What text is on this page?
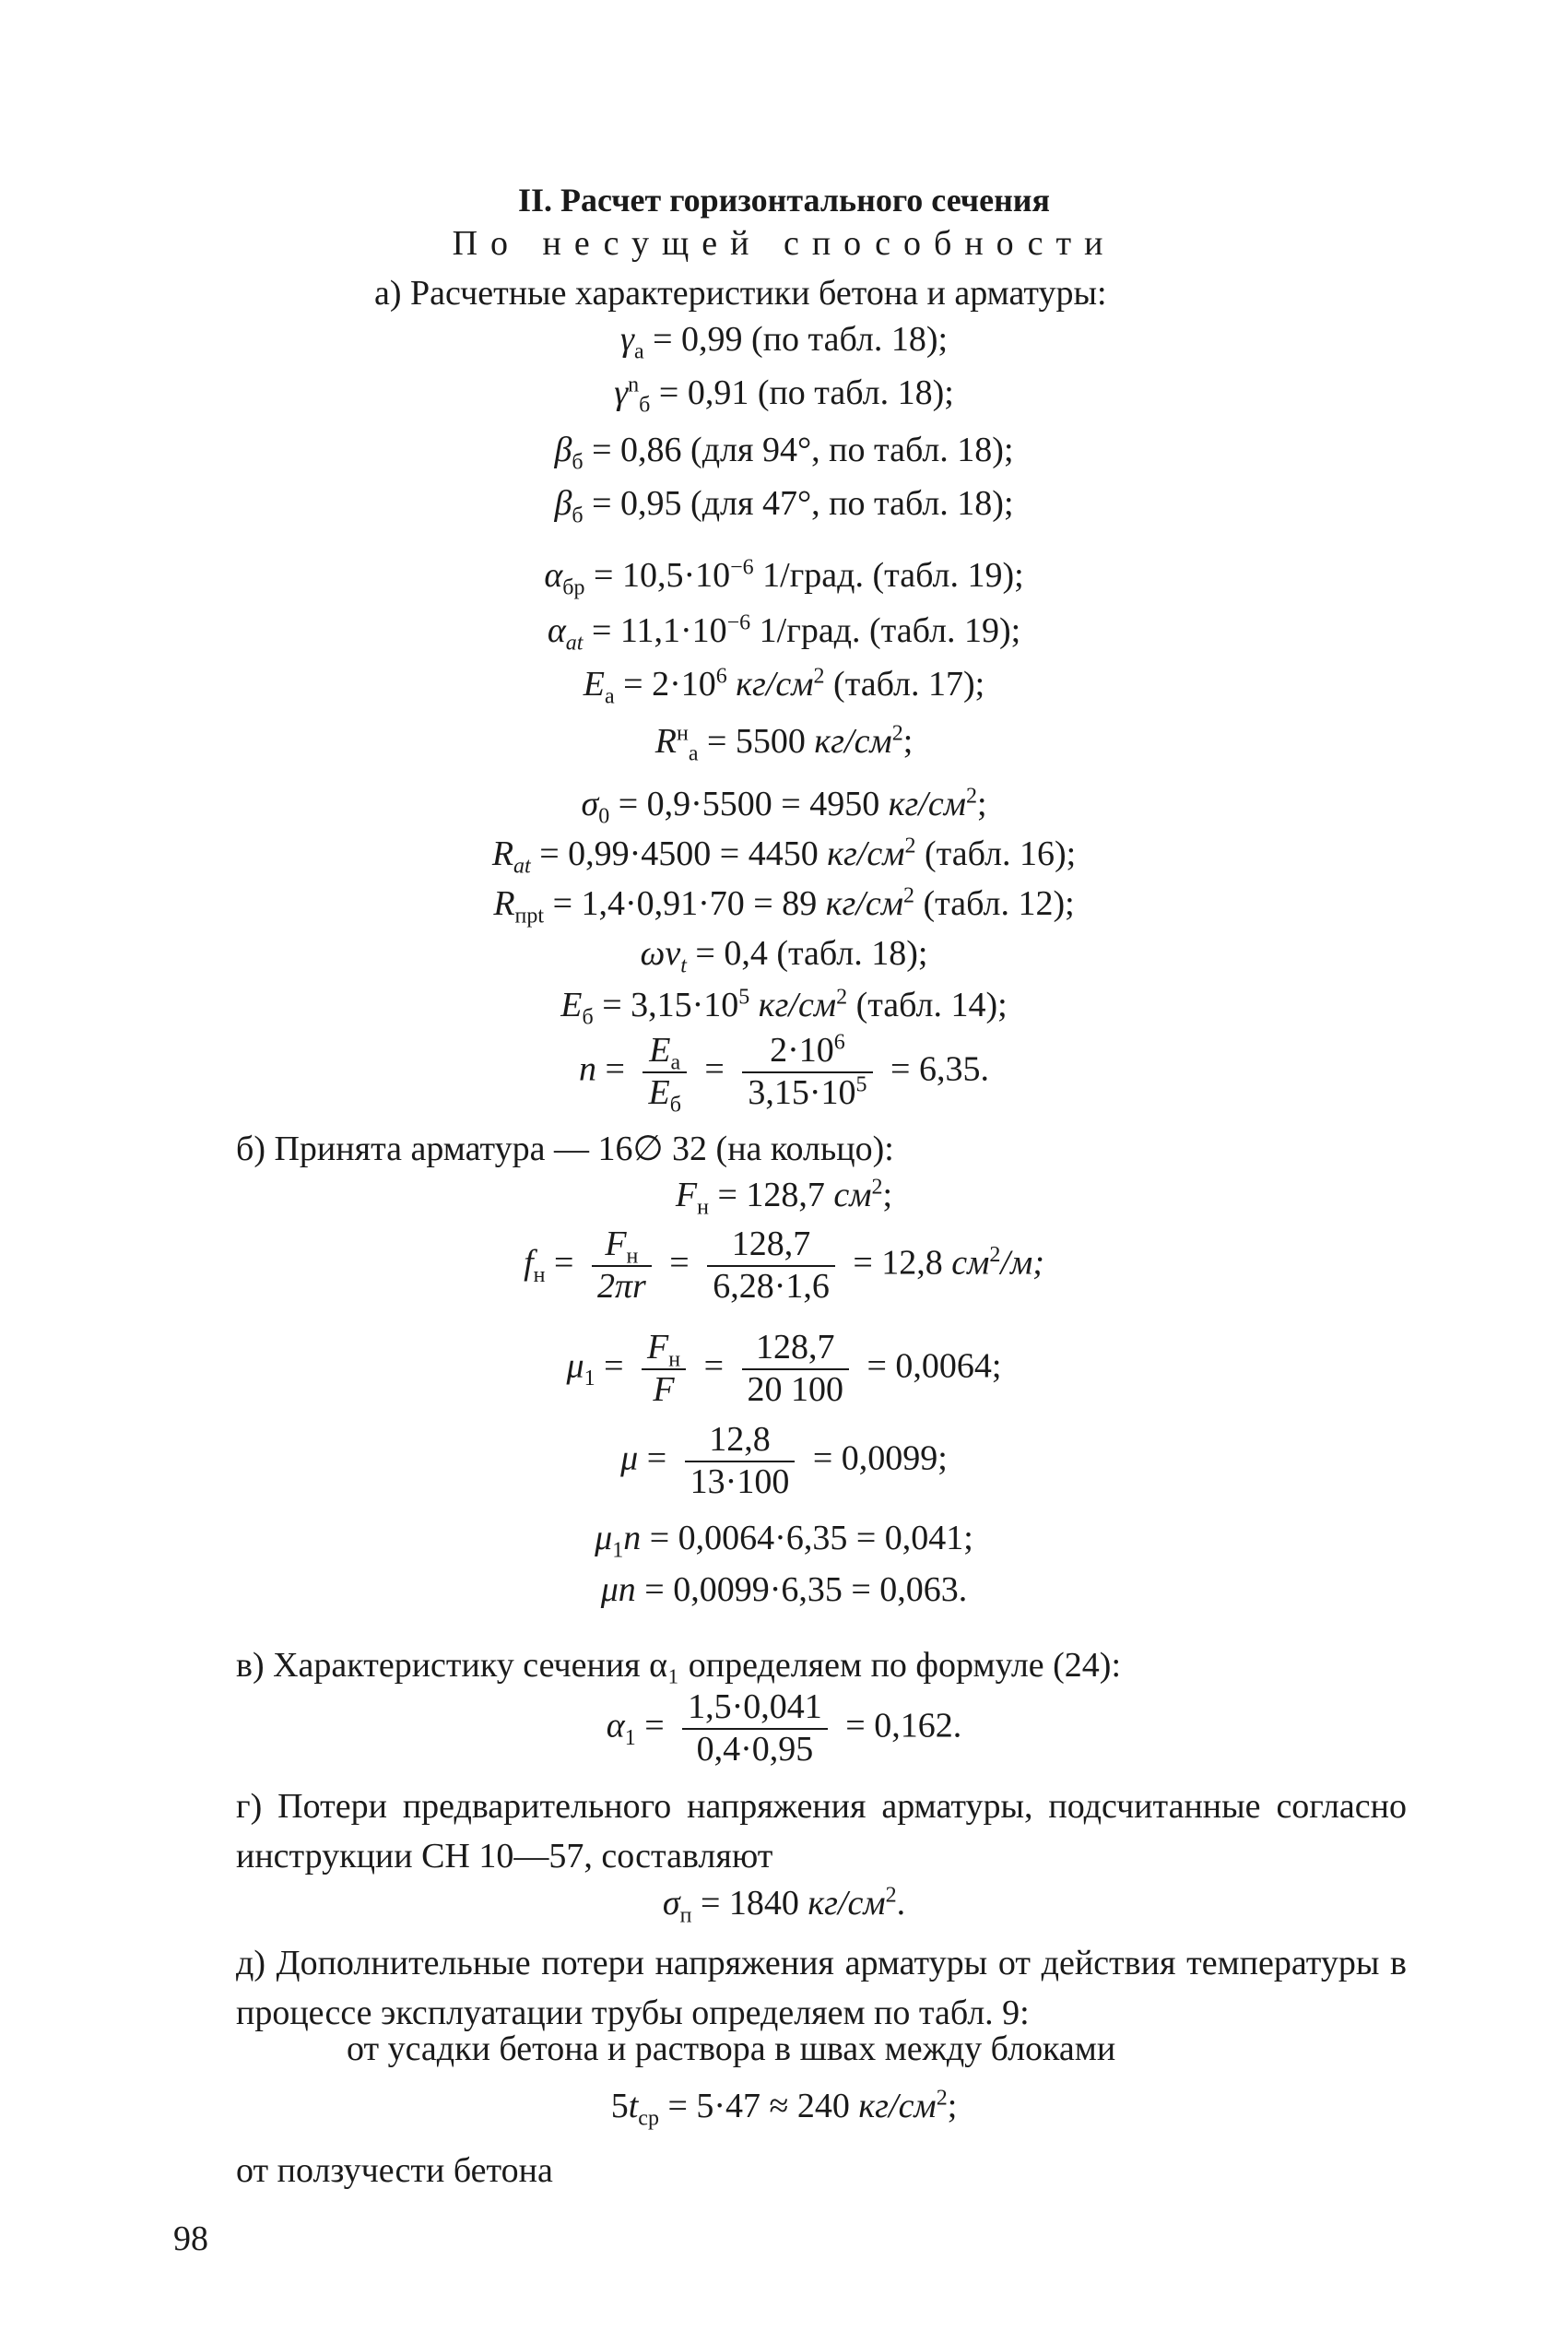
II. Расчет горизонтального сечения
По несущей способности
а) Расчетные характеристики бетона и арматуры:
$\gamma_а = 0,99$ (по табл. 18);
$\gamma^n_б = 0,91$ (по табл. 18);
$\beta_б = 0,86$ (для 94°, по табл. 18);
$\beta_б = 0,95$ (для 47°, по табл. 18);
$\alpha_{бр} = 10,5\cdot 10^{-6}$ 1/град. (табл. 19);
$\alpha_{at} = 11,1\cdot 10^{-6}$ 1/град. (табл. 19);
$E_а = 2\cdot 10^6$ $кг/см^2$ (табл. 17);
$R^н_а = 5500$ $кг/см^2$;
$\sigma_0 = 0,9\cdot 5500 = 4950$ $кг/см^2$;
$R_{at} = 0,99\cdot 4500 = 4450$ $кг/см^2$ (табл. 16);
$R_{прt} = 1,4\cdot 0,91\cdot 70 = 89$ $кг/см^2$ (табл. 12);
$\omega\nu_t = 0,4$ (табл. 18);
$E_б = 3,15\cdot 10^5$ $кг/см^2$ (табл. 14);
$n = \frac{E_а}{E_б} = \frac{2\cdot 10^6}{3,15\cdot 10^5} = 6,35$.
б) Принята арматура — 16∅ 32 (на кольцо):
$F_н = 128,7$ $см^2$;
$f_н = \frac{F_н}{2\pi r} = \frac{128,7}{6,28\cdot 1,6} = 12,8$ $см^2/м$;
$\mu_1 = \frac{F_н}{F} = \frac{128,7}{20 100} = 0,0064$;
$\mu = \frac{12,8}{13\cdot 100} = 0,0099$;
$\mu_1n = 0,0064\cdot 6,35 = 0,041$;
μn = 0,0099·6,35 = 0,063.
в) Характеристику сечения α₁ определяем по формуле (24):
$\alpha_1 = \frac{1,5\cdot 0,041}{0,4\cdot 0,95} = 0,162$.
г) Потери предварительного напряжения арматуры, подсчитанные согласно инструкции СН 10—57, составляют
$\sigma_п = 1840$ $кг/см^2$.
д) Дополнительные потери напряжения арматуры от действия температуры в процессе эксплуатации трубы определяем по табл. 9:
от усадки бетона и раствора в швах между блоками
$5t_{ср} = 5\cdot 47 \approx 240$ $кг/см^2$;
от ползучести бетона
98
